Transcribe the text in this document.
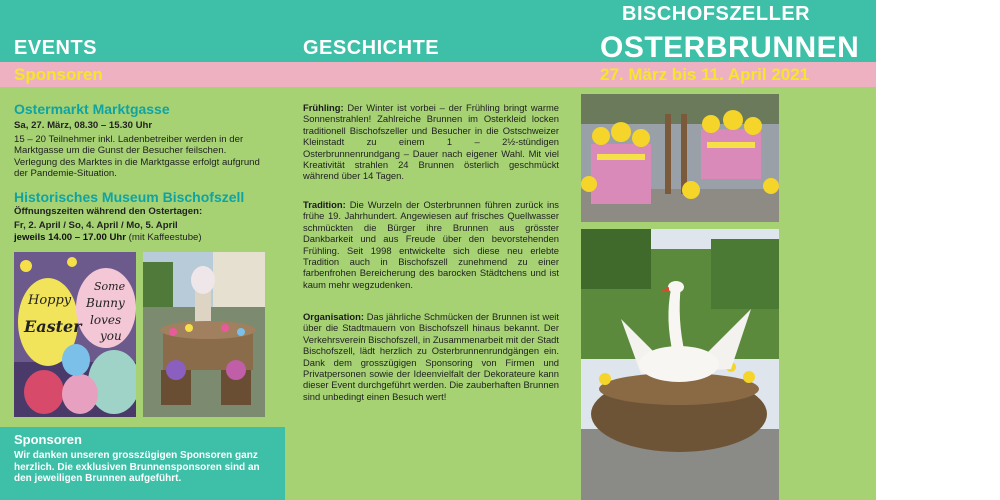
EVENTS	GESCHICHTE
BISCHOFSZELLER
OSTERBRUNNEN
Sponsoren	27. März bis 11. April 2021
Ostermarkt Marktgasse
Sa, 27. März, 08.30 – 15.30 Uhr
15 – 20 Teilnehmer inkl. Ladenbetreiber werden in der Marktgasse um die Gunst der Besucher feilschen. Verlegung des Marktes in die Marktgasse erfolgt aufgrund der Pandemie-Situation.
Historisches Museum Bischofszell
Öffnungszeiten während den Ostertagen:
Fr, 2. April / So, 4. April / Mo, 5. April
jeweils 14.00 – 17.00 Uhr (mit Kaffeestube)
Hoppy
Easter
Some
Bunny
loves
you
Sponsoren
Wir danken unseren grosszügigen Sponsoren ganz herzlich. Die exklusiven Brunnensponsoren sind an den jeweiligen Brunnen aufgeführt.
Frühling: Der Winter ist vorbei – der Frühling bringt warme Sonnenstrahlen! Zahlreiche Brunnen im Osterkleid locken traditionell Bischofszeller und Besucher in die Ostschweizer Kleinstadt zu einem 1 – 2½-stündigen Osterbrunnenrundgang – Dauer nach eigener Wahl. Mit viel Kreativität strahlen 24 Brunnen österlich geschmückt während über 14 Tagen.
Tradition: Die Wurzeln der Osterbrunnen führen zurück ins frühe 19. Jahrhundert. Angewiesen auf frisches Quellwasser schmückten die Bürger ihre Brunnen aus grösster Dankbarkeit und aus Freude über den bevorstehenden Frühling. Seit 1998 entwickelte sich diese neu erlebte Tradition auch in Bischofszell zunehmend zu einer farbenfrohen Bereicherung des barocken Städtchens und ist kaum mehr wegzudenken.
Organisation: Das jährliche Schmücken der Brunnen ist weit über die Stadtmauern von Bischofszell hinaus bekannt. Der Verkehrsverein Bischofszell, in Zusammenarbeit mit der Stadt Bischofszell, lädt herzlich zu Osterbrunnenrundgängen ein. Dank dem grosszügigen Sponsoring von Firmen und Privatpersonen sowie der Ideenvielfalt der Dekorateure kann dieser Event durchgeführt werden. Die zauberhaften Brunnen sind unbedingt einen Besuch wert!
